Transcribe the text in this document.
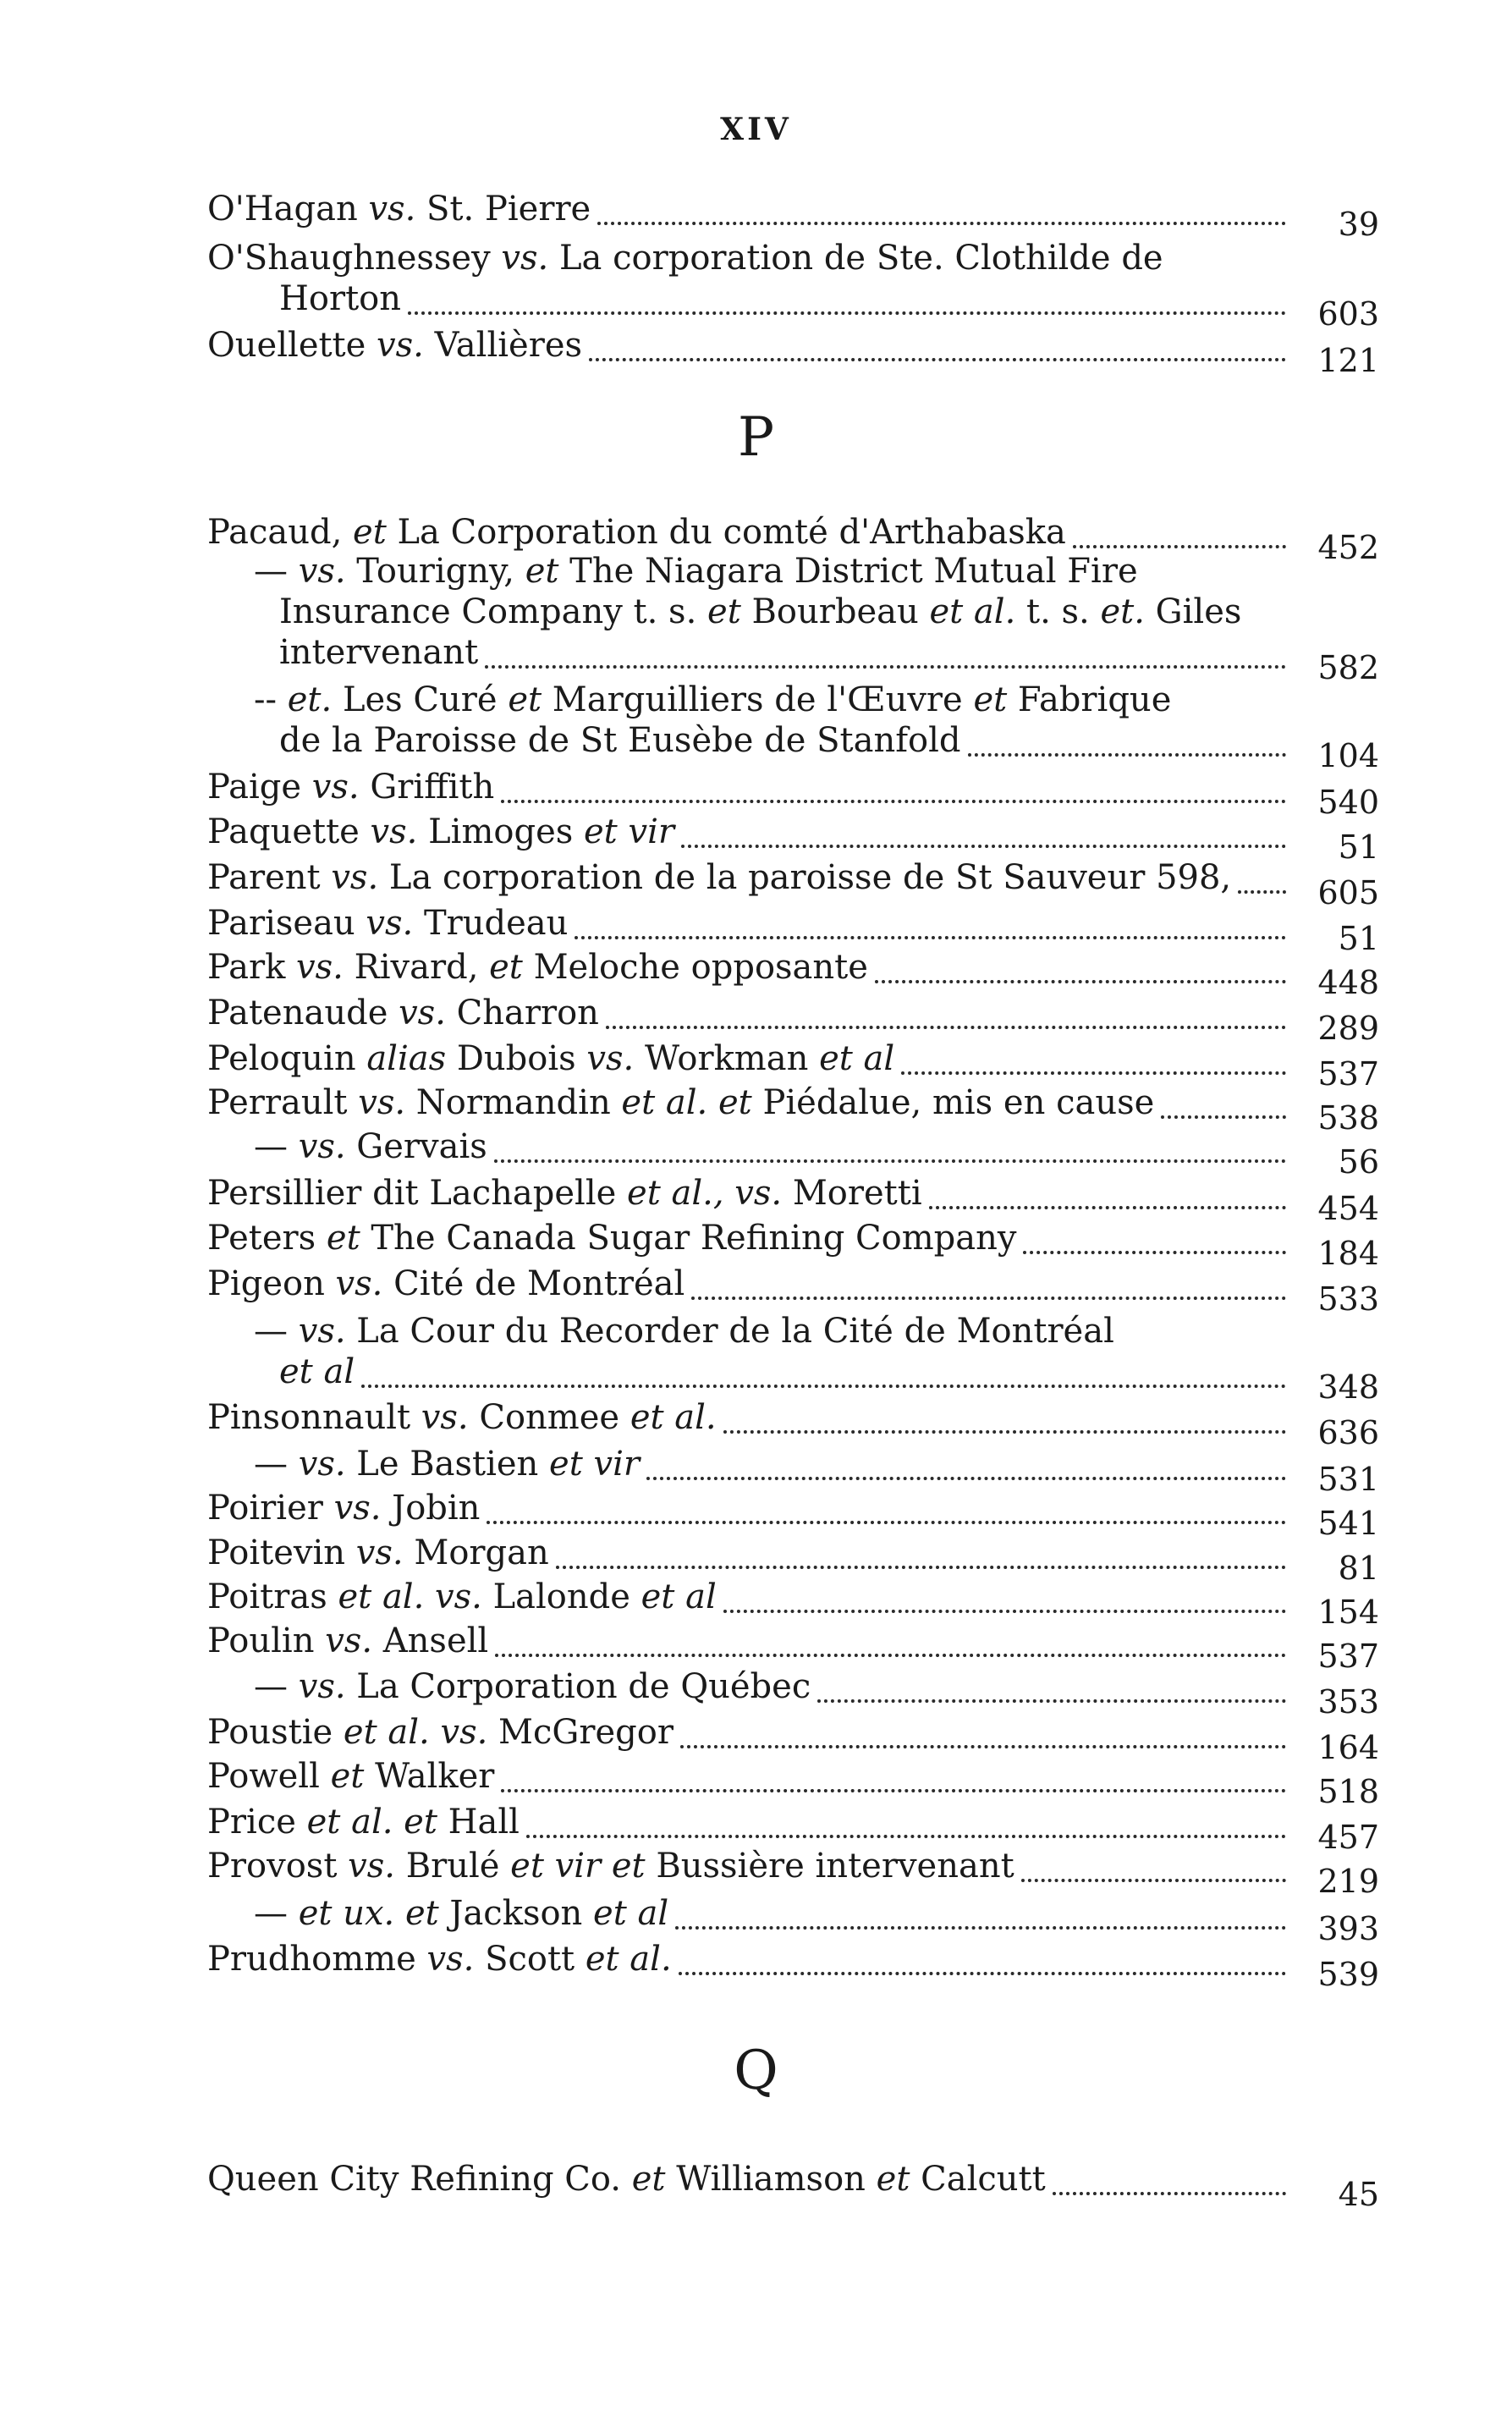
XIV
O'Hagan vs. St. Pierre	39
O'Shaughnessey vs. La corporation de Ste. Clothilde de
Horton	603
Ouellette vs. Vallières	121
P
Pacaud, et La Corporation du comté d'Arthabaska	452
— vs. Tourigny, et The Niagara District Mutual Fire
Insurance Company t. s. et Bourbeau et al. t. s. et. Giles
intervenant	582
-- et. Les Curé et Marguilliers de l'Œuvre et Fabrique
de la Paroisse de St Eusèbe de Stanfold	104
Paige vs. Griffith	540
Paquette vs. Limoges et vir	51
Parent vs. La corporation de la paroisse de St Sauveur 598,	605
Pariseau vs. Trudeau	51
Park vs. Rivard, et Meloche opposante	448
Patenaude vs. Charron	289
Peloquin alias Dubois vs. Workman et al	537
Perrault vs. Normandin et al. et Piédalue, mis en cause	538
— vs. Gervais	56
Persillier dit Lachapelle et al., vs. Moretti	454
Peters et The Canada Sugar Refining Company	184
Pigeon vs. Cité de Montréal	533
— vs. La Cour du Recorder de la Cité de Montréal
et al	348
Pinsonnault vs. Conmee et al.	636
— vs. Le Bastien et vir	531
Poirier vs. Jobin	541
Poitevin vs. Morgan	81
Poitras et al. vs. Lalonde et al	154
Poulin vs. Ansell	537
— vs. La Corporation de Québec	353
Poustie et al. vs. McGregor	164
Powell et Walker	518
Price et al. et Hall	457
Provost vs. Brulé et vir et Bussière intervenant	219
— et ux. et Jackson et al	393
Prudhomme vs. Scott et al.	539
Q
Queen City Refining Co. et Williamson et Calcutt	45
